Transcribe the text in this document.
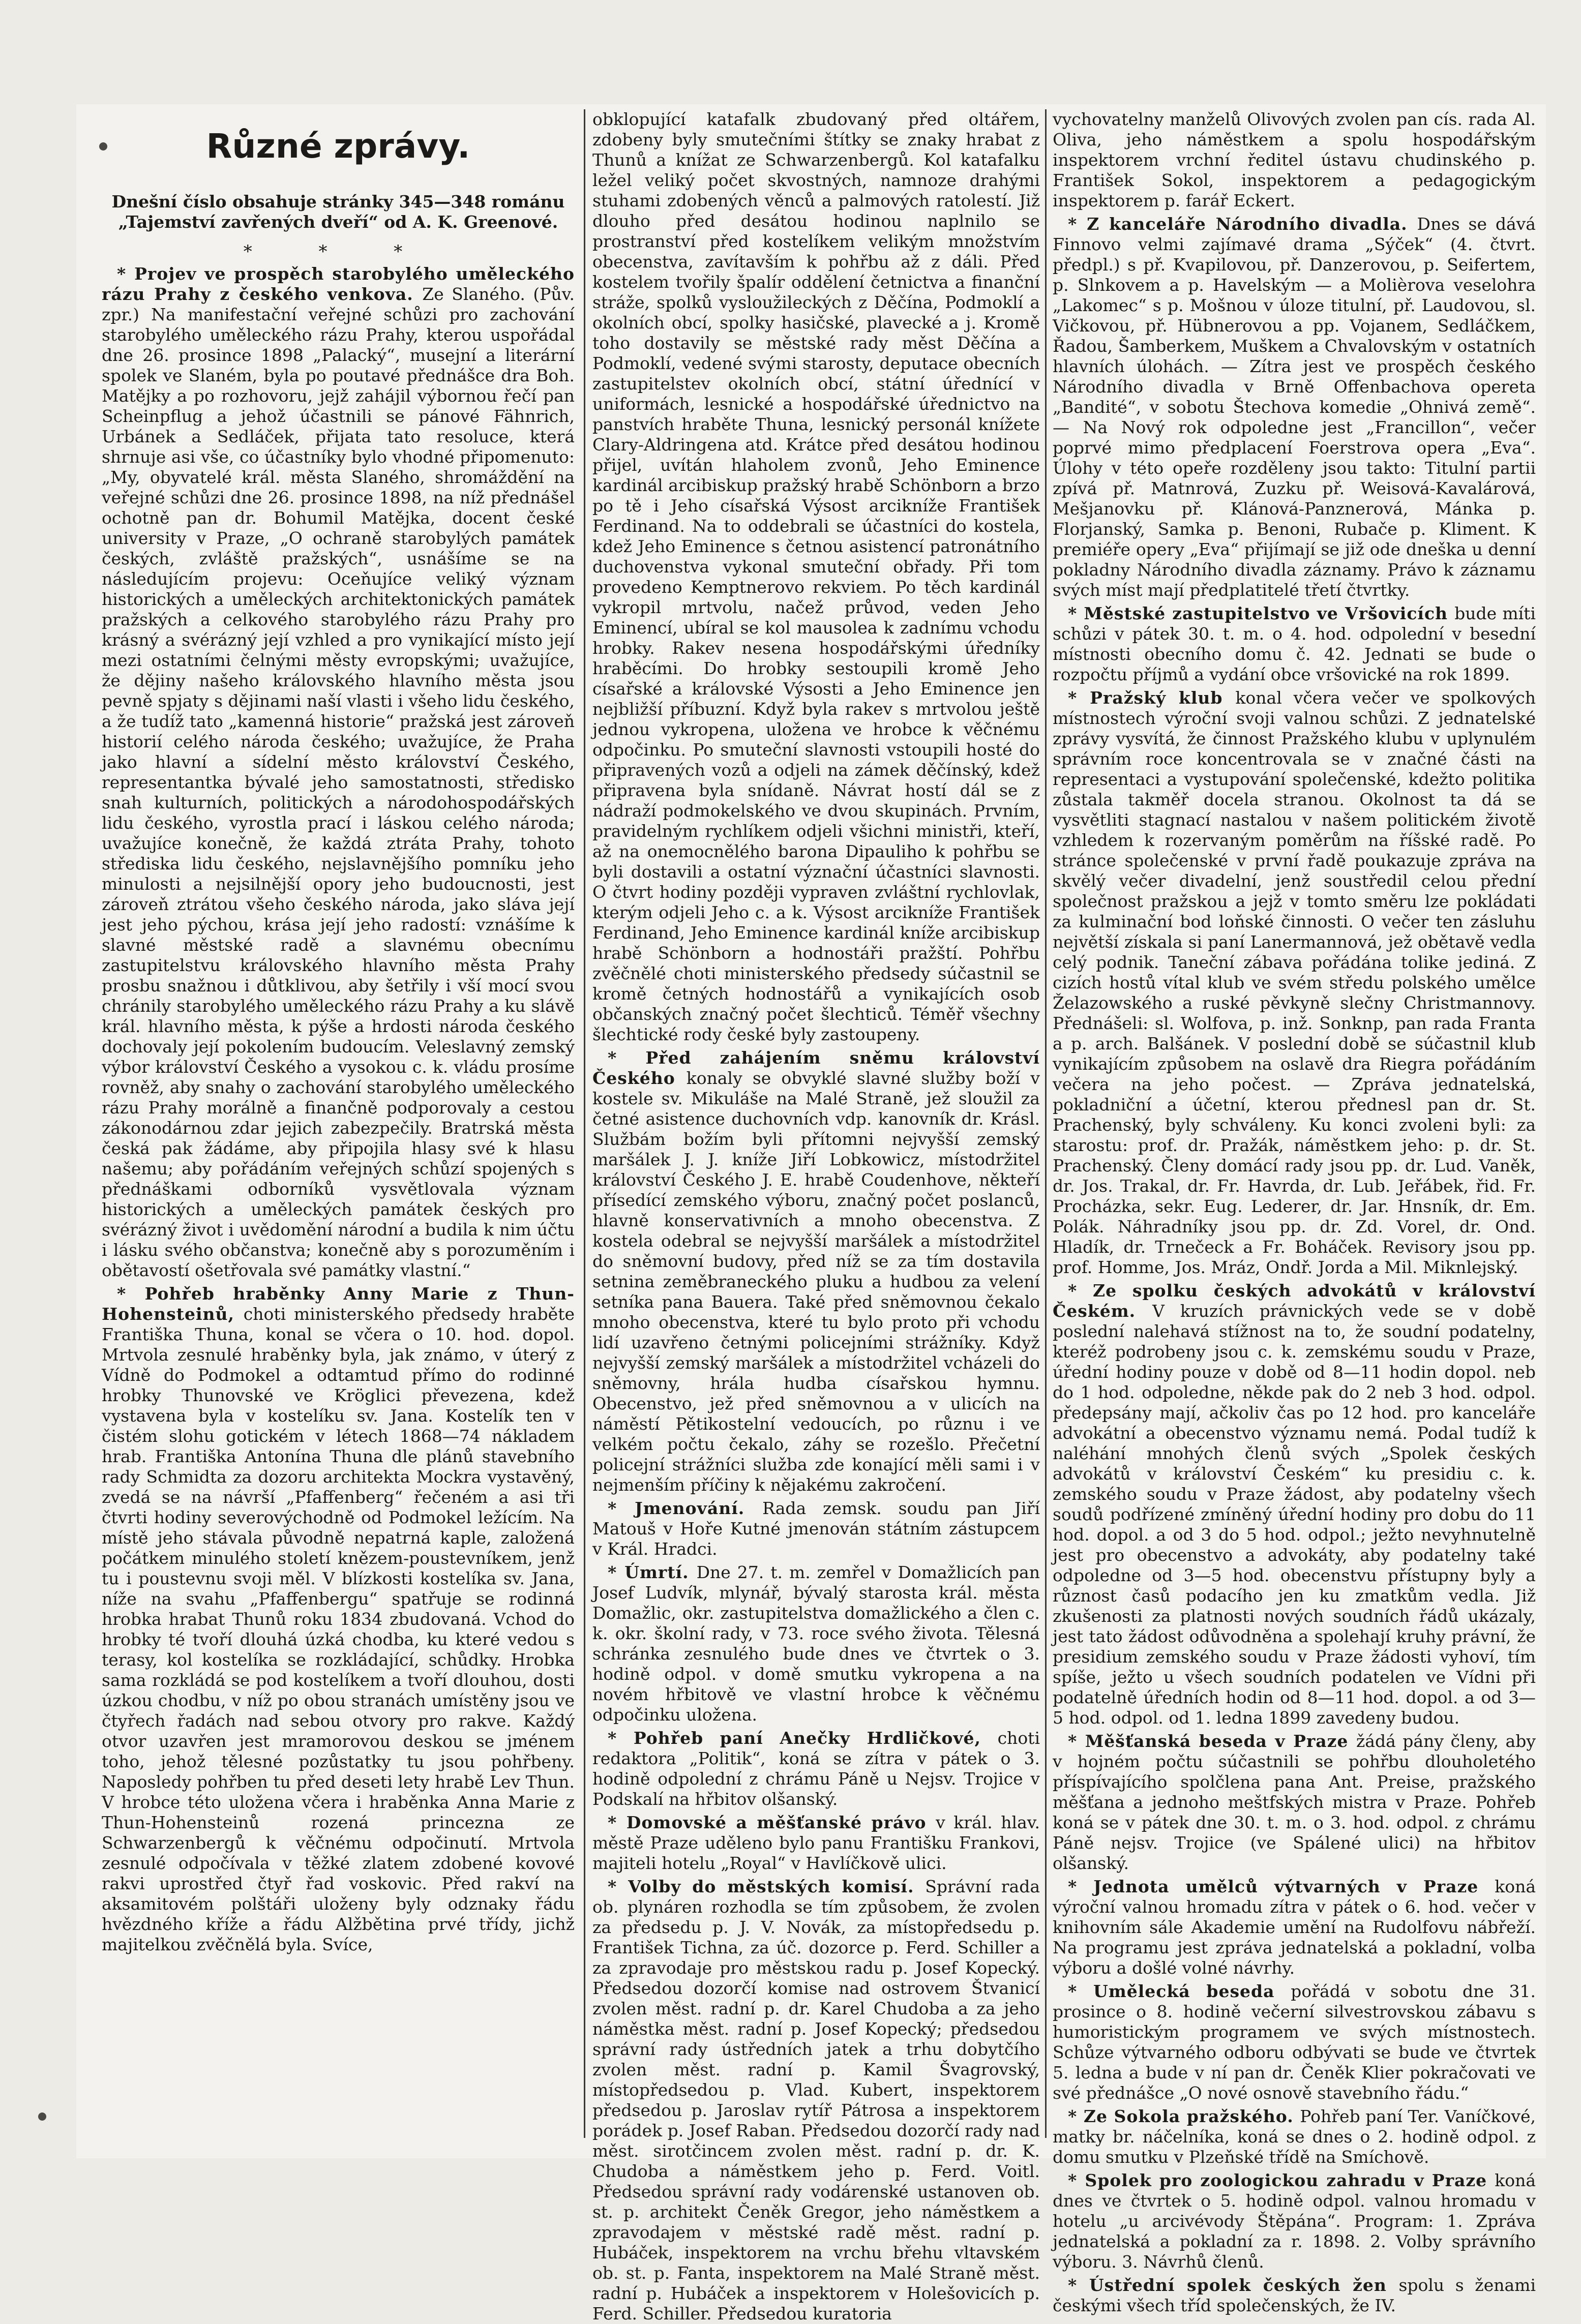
Různé zprávy.
Dnešní číslo obsahuje stránky 345—348 románu „Tajemství zavřených dveří“ od A. K. Greenové.
* * *

* Projev ve prospěch starobylého uměleckého rázu Prahy z českého venkova. Ze Slaného. (Pův. zpr.) Na manifestační veřejné schůzi pro zachování starobylého uměleckého rázu Prahy, kterou uspořádal dne 26. prosince 1898 „Palacký“, musejní a literární spolek ve Slaném, byla po poutavé přednášce dra Boh. Matějky a po rozhovoru, jejž zahájil výbornou řečí pan Scheinpflug a jehož účastnili se pánové Fähnrich, Urbánek a Sedláček, přijata tato resoluce, která shrnuje asi vše, co účastníky bylo vhodné připomenuto: „My, obyvatelé král. města Slaného, shromáždění na veřejné schůzi dne 26. prosince 1898, na níž přednášel ochotně pan dr. Bohumil Matějka, docent české university v Praze, „O ochraně starobylých památek českých, zvláště pražských“, usnášíme se na následujícím projevu: Oceňujíce veliký význam historických a uměleckých architektonických památek pražských a celkového starobylého rázu Prahy pro krásný a svérázný její vzhled a pro vynikající místo její mezi ostatními čelnými městy evropskými; uvažujíce, že dějiny našeho královského hlavního města jsou pevně spjaty s dějinami naší vlasti i všeho lidu českého, a že tudíž tato „kamenná historie“ pražská jest zároveň historií celého národa českého; uvažujíce, že Praha jako hlavní a sídelní město království Českého, representantka bývalé jeho samostatnosti, středisko snah kulturních, politických a národohospodářských lidu českého, vyrostla prací i láskou celého národa; uvažujíce konečně, že každá ztráta Prahy, tohoto střediska lidu českého, nejslavnějšího pomníku jeho minulosti a nejsilnější opory jeho budoucnosti, jest zároveň ztrátou všeho českého národa, jako sláva její jest jeho pýchou, krása její jeho radostí: vznášíme k slavné městské radě a slavnému obecnímu zastupitelstvu královského hlavního města Prahy prosbu snažnou i důtklivou, aby šetřily i vší mocí svou chránily starobylého uměleckého rázu Prahy a ku slávě král. hlavního města, k pýše a hrdosti národa českého dochovaly její pokolením budoucím. Veleslavný zemský výbor království Českého a vysokou c. k. vládu prosíme rovněž, aby snahy o zachování starobylého uměleckého rázu Prahy morálně a finančně podporovaly a cestou zákonodárnou zdar jejich zabezpečily. Bratrská města česká pak žádáme, aby připojila hlasy své k hlasu našemu; aby pořádáním veřejných schůzí spojených s přednáškami odborníků vysvětlovala význam historických a uměleckých památek českých pro svérázný život i uvědomění národní a budila k nim účtu i lásku svého občanstva; konečně aby s porozuměním i obětavostí ošetřovala své památky vlastní.“

* Pohřeb hraběnky Anny Marie z Thun-Hohensteinů, choti ministerského předsedy hraběte Františka Thuna, konal se včera o 10. hod. dopol. Mrtvola zesnulé hraběnky byla, jak známo, v úterý z Vídně do Podmokel a odtamtud přímo do rodinné hrobky Thunovské ve Kröglici převezena, kdež vystavena byla v kostelíku sv. Jana. Kostelík ten v čistém slohu gotickém v létech 1868—74 nákladem hrab. Františka Antonína Thuna dle plánů stavebního rady Schmidta za dozoru architekta Mockra vystavěný, zvedá se na návrší „Pfaffenberg“ řečeném a asi tři čtvrti hodiny severovýchodně od Podmokel ležícím. Na místě jeho stávala původně nepatrná kaple, založená počátkem minulého století knězem-poustevníkem, jenž tu i poustevnu svoji měl. V blízkosti kostelíka sv. Jana, níže na svahu „Pfaffenbergu“ spatřuje se rodinná hrobka hrabat Thunů roku 1834 zbudovaná. Vchod do hrobky té tvoří dlouhá úzká chodba, ku které vedou s terasy, kol kostelíka se rozkládající, schůdky. Hrobka sama rozkládá se pod kostelíkem a tvoří dlouhou, dosti úzkou chodbu, v níž po obou stranách umístěny jsou ve čtyřech řadách nad sebou otvory pro rakve. Každý otvor uzavřen jest mramorovou deskou se jménem toho, jehož tělesné pozůstatky tu jsou pohřbeny. Naposledy pohřben tu před deseti lety hrabě Lev Thun. V hrobce této uložena včera i hraběnka Anna Marie z Thun-Hohensteinů rozená princezna ze Schwarzenbergů k věčnému odpočinutí. Mrtvola zesnulé odpočívala v těžké zlatem zdobené kovové rakvi uprostřed čtyř řad voskovic. Před rakví na aksamitovém polštáři uloženy byly odznaky řádu hvězdného kříže a řádu Alžbětina prvé třídy, jichž majitelkou zvěčnělá byla. Svíce,

obklopující katafalk zbudovaný před oltářem, zdobeny byly smutečními štítky se znaky hrabat z Thunů a knížat ze Schwarzenbergů. Kol katafalku ležel veliký počet skvostných, namnoze drahými stuhami zdobených věnců a palmových ratolestí. Již dlouho před desátou hodinou naplnilo se prostranství před kostelíkem velikým množstvím obecenstva, zavítavším k pohřbu až z dáli. Před kostelem tvořily špalír oddělení četnictva a finanční stráže, spolků vysloužileckých z Děčína, Podmoklí a okolních obcí, spolky hasičské, plavecké a j. Kromě toho dostavily se městské rady měst Děčína a Podmoklí, vedené svými starosty, deputace obecních zastupitelstev okolních obcí, státní úřednící v uniformách, lesnické a hospodářské úřednictvo na panstvích hraběte Thuna, lesnický personál knížete Clary-Aldringena atd. Krátce před desátou hodinou přijel, uvítán hlaholem zvonů, Jeho Eminence kardinál arcibiskup pražský hrabě Schönborn a brzo po tě i Jeho císařská Výsost arcikníže František Ferdinand. Na to oddebrali se účastníci do kostela, kdež Jeho Eminence s četnou asistencí patronátního duchovenstva vykonal smuteční obřady. Při tom provedeno Kemptnerovo rekviem. Po těch kardinál vykropil mrtvolu, načež průvod, veden Jeho Eminencí, ubíral se kol mausolea k zadnímu vchodu hrobky. Rakev nesena hospodářskými úředníky hraběcími. Do hrobky sestoupili kromě Jeho císařské a královské Výsosti a Jeho Eminence jen nejbližší příbuzní. Když byla rakev s mrtvolou ještě jednou vykropena, uložena ve hrobce k věčnému odpočinku. Po smuteční slavnosti vstoupili hosté do připravených vozů a odjeli na zámek děčínský, kdež připravena byla snídaně. Návrat hostí dál se z nádraží podmokelského ve dvou skupinách. Prvním, pravidelným rychlíkem odjeli všichni ministři, kteří, až na onemocnělého barona Dipauliho k pohřbu se byli dostavili a ostatní význační účastníci slavnosti. O čtvrt hodiny později vypraven zvláštní rychlovlak, kterým odjeli Jeho c. a k. Výsost arcikníže František Ferdinand, Jeho Eminence kardinál kníže arcibiskup hrabě Schönborn a hodnostáři pražští. Pohřbu zvěčnělé choti ministerského předsedy súčastnil se kromě četných hodnostářů a vynikajících osob občanských značný počet šlechticů. Téměř všechny šlechtické rody české byly zastoupeny.

* Před zahájením sněmu království Českého konaly se obvyklé slavné služby boží v kostele sv. Mikuláše na Malé Straně, jež sloužil za četné asistence duchovních vdp. kanovník dr. Krásl. Službám božím byli přítomni nejvyšší zemský maršálek J. J. kníže Jiří Lobkowicz, místodržitel království Českého J. E. hrabě Coudenhove, někteří přísedící zemského výboru, značný počet poslanců, hlavně konservativních a mnoho obecenstva. Z kostela odebral se nejvyšší maršálek a místodržitel do sněmovní budovy, před níž se za tím dostavila setnina zeměbraneckého pluku a hudbou za velení setníka pana Bauera. Také před sněmovnou čekalo mnoho obecenstva, které tu bylo proto při vchodu lidí uzavřeno četnými policejními strážníky. Když nejvyšší zemský maršálek a místodržitel vcházeli do sněmovny, hrála hudba císařskou hymnu. Obecenstvo, jež před sněmovnou a v ulicích na náměstí Pětikostelní vedoucích, po různu i ve velkém počtu čekalo, záhy se rozešlo. Přečetní policejní strážníci služba zde konající měli sami i v nejmenším příčiny k nějakému zakročení.

* Jmenování. Rada zemsk. soudu pan Jiří Matouš v Hoře Kutné jmenován státním zástupcem v Král. Hradci.

* Úmrtí. Dne 27. t. m. zemřel v Domažlicích pan Josef Ludvík, mlynář, bývalý starosta král. města Domažlic, okr. zastupitelstva domažlického a člen c. k. okr. školní rady, v 73. roce svého života. Tělesná schránka zesnulého bude dnes ve čtvrtek o 3. hodině odpol. v domě smutku vykropena a na novém hřbitově ve vlastní hrobce k věčnému odpočinku uložena.

* Pohřeb paní Anečky Hrdličkové, choti redaktora „Politik“, koná se zítra v pátek o 3. hodině odpolední z chrámu Páně u Nejsv. Trojice v Podskalí na hřbitov olšanský.

* Domovské a měšťanské právo v král. hlav. městě Praze uděleno bylo panu Františku Frankovi, majiteli hotelu „Royal“ v Havlíčkově ulici.

* Volby do městských komisí. Správní rada ob. plynáren rozhodla se tím způsobem, že zvolen za předsedu p. J. V. Novák, za místopředsedu p. František Tichna, za úč. dozorce p. Ferd. Schiller a za zpravodaje pro městskou radu p. Josef Kopecký. Předsedou dozorčí komise nad ostrovem Štvanicí zvolen měst. radní p. dr. Karel Chudoba a za jeho náměstka měst. radní p. Josef Kopecký; předsedou správní rady ústředních jatek a trhu dobytčího zvolen měst. radní p. Kamil Švagrovský, místopředsedou p. Vlad. Kubert, inspektorem předsedou p. Jaroslav rytíř Pátrosa a inspektorem porádek p. Josef Raban. Předsedou dozorčí rady nad měst. sirotčincem zvolen měst. radní p. dr. K. Chudoba a náměstkem jeho p. Ferd. Voitl. Předsedou správní rady vodárenské ustanoven ob. st. p. architekt Čeněk Gregor, jeho náměstkem a zpravodajem v městské radě měst. radní p. Hubáček, inspektorem na vrchu břehu vltavském ob. st. p. Fanta, inspektorem na Malé Straně měst. radní p. Hubáček a inspektorem v Holešovicích p. Ferd. Schiller. Předsedou kuratoria

vychovatelny manželů Olivových zvolen pan cís. rada Al. Oliva, jeho náměstkem a spolu hospodářským inspektorem vrchní ředitel ústavu chudinského p. František Sokol, inspektorem a pedagogickým inspektorem p. farář Eckert.

* Z kanceláře Národního divadla. Dnes se dává Finnovo velmi zajímavé drama „Sýček“ (4. čtvrt. předpl.) s př. Kvapilovou, př. Danzerovou, p. Seifertem, p. Slnkovem a p. Havelským — a Molièrova veselohra „Lakomec“ s p. Mošnou v úloze titulní, př. Laudovou, sl. Vičkovou, př. Hübnerovou a pp. Vojanem, Sedláčkem, Řadou, Šamberkem, Muškem a Chvalovským v ostatních hlavních úlohách. — Zítra jest ve prospěch českého Národního divadla v Brně Offenbachova opereta „Bandité“, v sobotu Štechova komedie „Ohnivá země“. — Na Nový rok odpoledne jest „Francillon“, večer poprvé mimo předplacení Foerstrova opera „Eva“. Úlohy v této opeře rozděleny jsou takto: Titulní partii zpívá př. Matnrová, Zuzku př. Weisová-Kavalárová, Mešjanovku př. Klánová-Panznerová, Mánka p. Florjanský, Samka p. Benoni, Rubače p. Kliment. K premiéře opery „Eva“ přijímají se již ode dneška u denní pokladny Národního divadla záznamy. Právo k záznamu svých míst mají předplatitelé třetí čtvrtky.

* Městské zastupitelstvo ve Vršovicích bude míti schůzi v pátek 30. t. m. o 4. hod. odpolední v besední místnosti obecního domu č. 42. Jednati se bude o rozpočtu příjmů a vydání obce vršovické na rok 1899.

* Pražský klub konal včera večer ve spolkových místnostech výroční svoji valnou schůzi. Z jednatelské zprávy vysvítá, že činnost Pražského klubu v uplynulém správním roce koncentrovala se v značné části na representaci a vystupování společenské, kdežto politika zůstala takměř docela stranou. Okolnost ta dá se vysvětliti stagnací nastalou v našem politickém životě vzhledem k rozervaným poměrům na říšské radě. Po stránce společenské v první řadě poukazuje zpráva na skvělý večer divadelní, jenž soustředil celou přední společnost pražskou a jejž v tomto směru lze pokládati za kulminační bod loňské činnosti. O večer ten zásluhu největší získala si paní Lanermannová, jež obětavě vedla celý podnik. Taneční zábava pořádána tolike jediná. Z cizích hostů vítal klub ve svém středu polského umělce Želazowského a ruské pěvkyně slečny Christmannovy. Přednášeli: sl. Wolfova, p. inž. Sonknp, pan rada Franta a p. arch. Balšánek. V poslední době se súčastnil klub vynikajícím způsobem na oslavě dra Riegra pořádáním večera na jeho počest. — Zpráva jednatelská, pokladniční a účetní, kterou přednesl pan dr. St. Prachenský, byly schváleny. Ku konci zvoleni byli: za starostu: prof. dr. Pražák, náměstkem jeho: p. dr. St. Prachenský. Členy domácí rady jsou pp. dr. Lud. Vaněk, dr. Jos. Trakal, dr. Fr. Havrda, dr. Lub. Jeřábek, řid. Fr. Procházka, sekr. Eug. Lederer, dr. Jar. Hnsník, dr. Em. Polák. Náhradníky jsou pp. dr. Zd. Vorel, dr. Ond. Hladík, dr. Trnečeck a Fr. Boháček. Revisory jsou pp. prof. Homme, Jos. Mráz, Ondř. Jorda a Mil. Miknlejský.

* Ze spolku českých advokátů v království Českém. V kruzích právnických vede se v době poslední nalehavá stížnost na to, že soudní podatelny, kteréž podrobeny jsou c. k. zemskému soudu v Praze, úřední hodiny pouze v době od 8—11 hodin dopol. neb do 1 hod. odpoledne, někde pak do 2 neb 3 hod. odpol. předepsány mají, ačkoliv čas po 12 hod. pro kanceláře advokátní a obecenstvo významu nemá. Podal tudíž k naléhání mnohých členů svých „Spolek českých advokátů v království Českém“ ku presidiu c. k. zemského soudu v Praze žádost, aby podatelny všech soudů podřízené zmíněný úřední hodiny pro dobu do 11 hod. dopol. a od 3 do 5 hod. odpol.; ježto nevyhnutelně jest pro obecenstvo a advokáty, aby podatelny také odpoledne od 3—5 hod. obecenstvu přístupny byly a různost časů podacího jen ku zmatkům vedla. Již zkušenosti za platnosti nových soudních řádů ukázaly, jest tato žádost odůvodněna a spolehají kruhy právní, že presidium zemského soudu v Praze žádosti vyhoví, tím spíše, ježto u všech soudních podatelen ve Vídni při podatelně úředních hodin od 8—11 hod. dopol. a od 3—5 hod. odpol. od 1. ledna 1899 zavedeny budou.

* Měšťanská beseda v Praze žádá pány členy, aby v hojném počtu súčastnili se pohřbu dlouholetého příspívajícího spolčlena pana Ant. Preise, pražského měšťana a jednoho meštfských mistra v Praze. Pohřeb koná se v pátek dne 30. t. m. o 3. hod. odpol. z chrámu Páně nejsv. Trojice (ve Spálené ulici) na hřbitov olšanský.

* Jednota umělců výtvarných v Praze koná výroční valnou hromadu zítra v pátek o 6. hod. večer v knihovním sále Akademie umění na Rudolfovu nábřeží. Na programu jest zpráva jednatelská a pokladní, volba výboru a došlé volné návrhy.

* Umělecká beseda pořádá v sobotu dne 31. prosince o 8. hodině večerní silvestrovskou zábavu s humoristickým programem ve svých místnostech. Schůze výtvarného odboru odbývati se bude ve čtvrtek 5. ledna a bude v ní pan dr. Čeněk Klier pokračovati ve své přednášce „O nové osnově stavebního řádu.“

* Ze Sokola pražského. Pohřeb paní Ter. Vaníčkové, matky br. náčelníka, koná se dnes o 2. hodině odpol. z domu smutku v Plzeňské třídě na Smíchově.

* Spolek pro zoologickou zahradu v Praze koná dnes ve čtvrtek o 5. hodině odpol. valnou hromadu v hotelu „u arcivévody Štěpána“. Program: 1. Zpráva jednatelská a pokladní za r. 1898. 2. Volby správního výboru. 3. Návrhů členů.

* Ústřední spolek českých žen spolu s ženami českými všech tříd společenských, že IV.
